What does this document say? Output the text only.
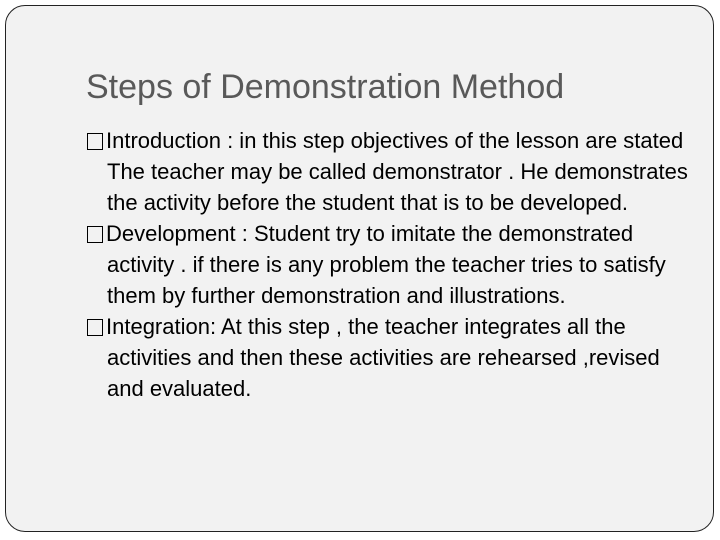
Steps of Demonstration Method
Introduction : in this step objectives of the lesson are stated The teacher may be called demonstrator . He demonstrates the activity before the student that is to be developed.
Development : Student try to imitate the demonstrated activity . if there is any problem the teacher tries to satisfy them by further demonstration and illustrations.
Integration: At this step , the teacher integrates all the activities and then these activities are rehearsed ,revised and evaluated.
